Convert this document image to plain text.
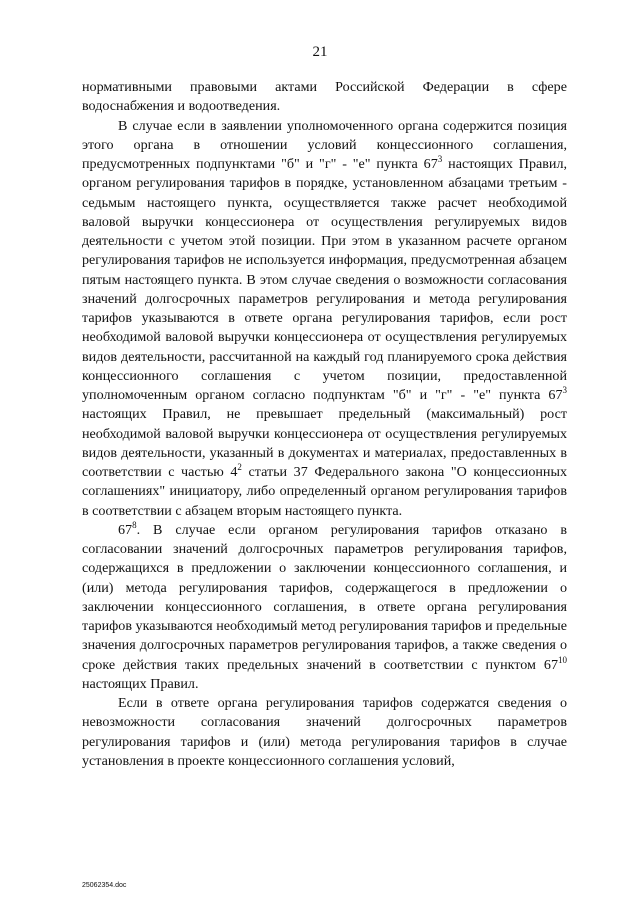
21

нормативными правовыми актами Российской Федерации в сфере водоснабжения и водоотведения.

В случае если в заявлении уполномоченного органа содержится позиция этого органа в отношении условий концессионного соглашения, предусмотренных подпунктами "б" и "г" - "е" пункта $67^3$ настоящих Правил, органом регулирования тарифов в порядке, установленном абзацами третьим - седьмым настоящего пункта, осуществляется также расчет необходимой валовой выручки концессионера от осуществления регулируемых видов деятельности с учетом этой позиции. При этом в указанном расчете органом регулирования тарифов не используется информация, предусмотренная абзацем пятым настоящего пункта. В этом случае сведения о возможности согласования значений долгосрочных параметров регулирования и метода регулирования тарифов указываются в ответе органа регулирования тарифов, если рост необходимой валовой выручки концессионера от осуществления регулируемых видов деятельности, рассчитанной на каждый год планируемого срока действия концессионного соглашения с учетом позиции, предоставленной уполномоченным органом согласно подпунктам "б" и "г" - "е" пункта $67^3$ настоящих Правил, не превышает предельный (максимальный) рост необходимой валовой выручки концессионера от осуществления регулируемых видов деятельности, указанный в документах и материалах, предоставленных в соответствии с частью $4^2$ статьи 37 Федерального закона "О концессионных соглашениях" инициатору, либо определенный органом регулирования тарифов в соответствии с абзацем вторым настоящего пункта.

$67^8$. В случае если органом регулирования тарифов отказано в согласовании значений долгосрочных параметров регулирования тарифов, содержащихся в предложении о заключении концессионного соглашения, и (или) метода регулирования тарифов, содержащегося в предложении о заключении концессионного соглашения, в ответе органа регулирования тарифов указываются необходимый метод регулирования тарифов и предельные значения долгосрочных параметров регулирования тарифов, а также сведения о сроке действия таких предельных значений в соответствии с пунктом $67^{10}$ настоящих Правил.

Если в ответе органа регулирования тарифов содержатся сведения о невозможности согласования значений долгосрочных параметров регулирования тарифов и (или) метода регулирования тарифов в случае установления в проекте концессионного соглашения условий,

25062354.doc
